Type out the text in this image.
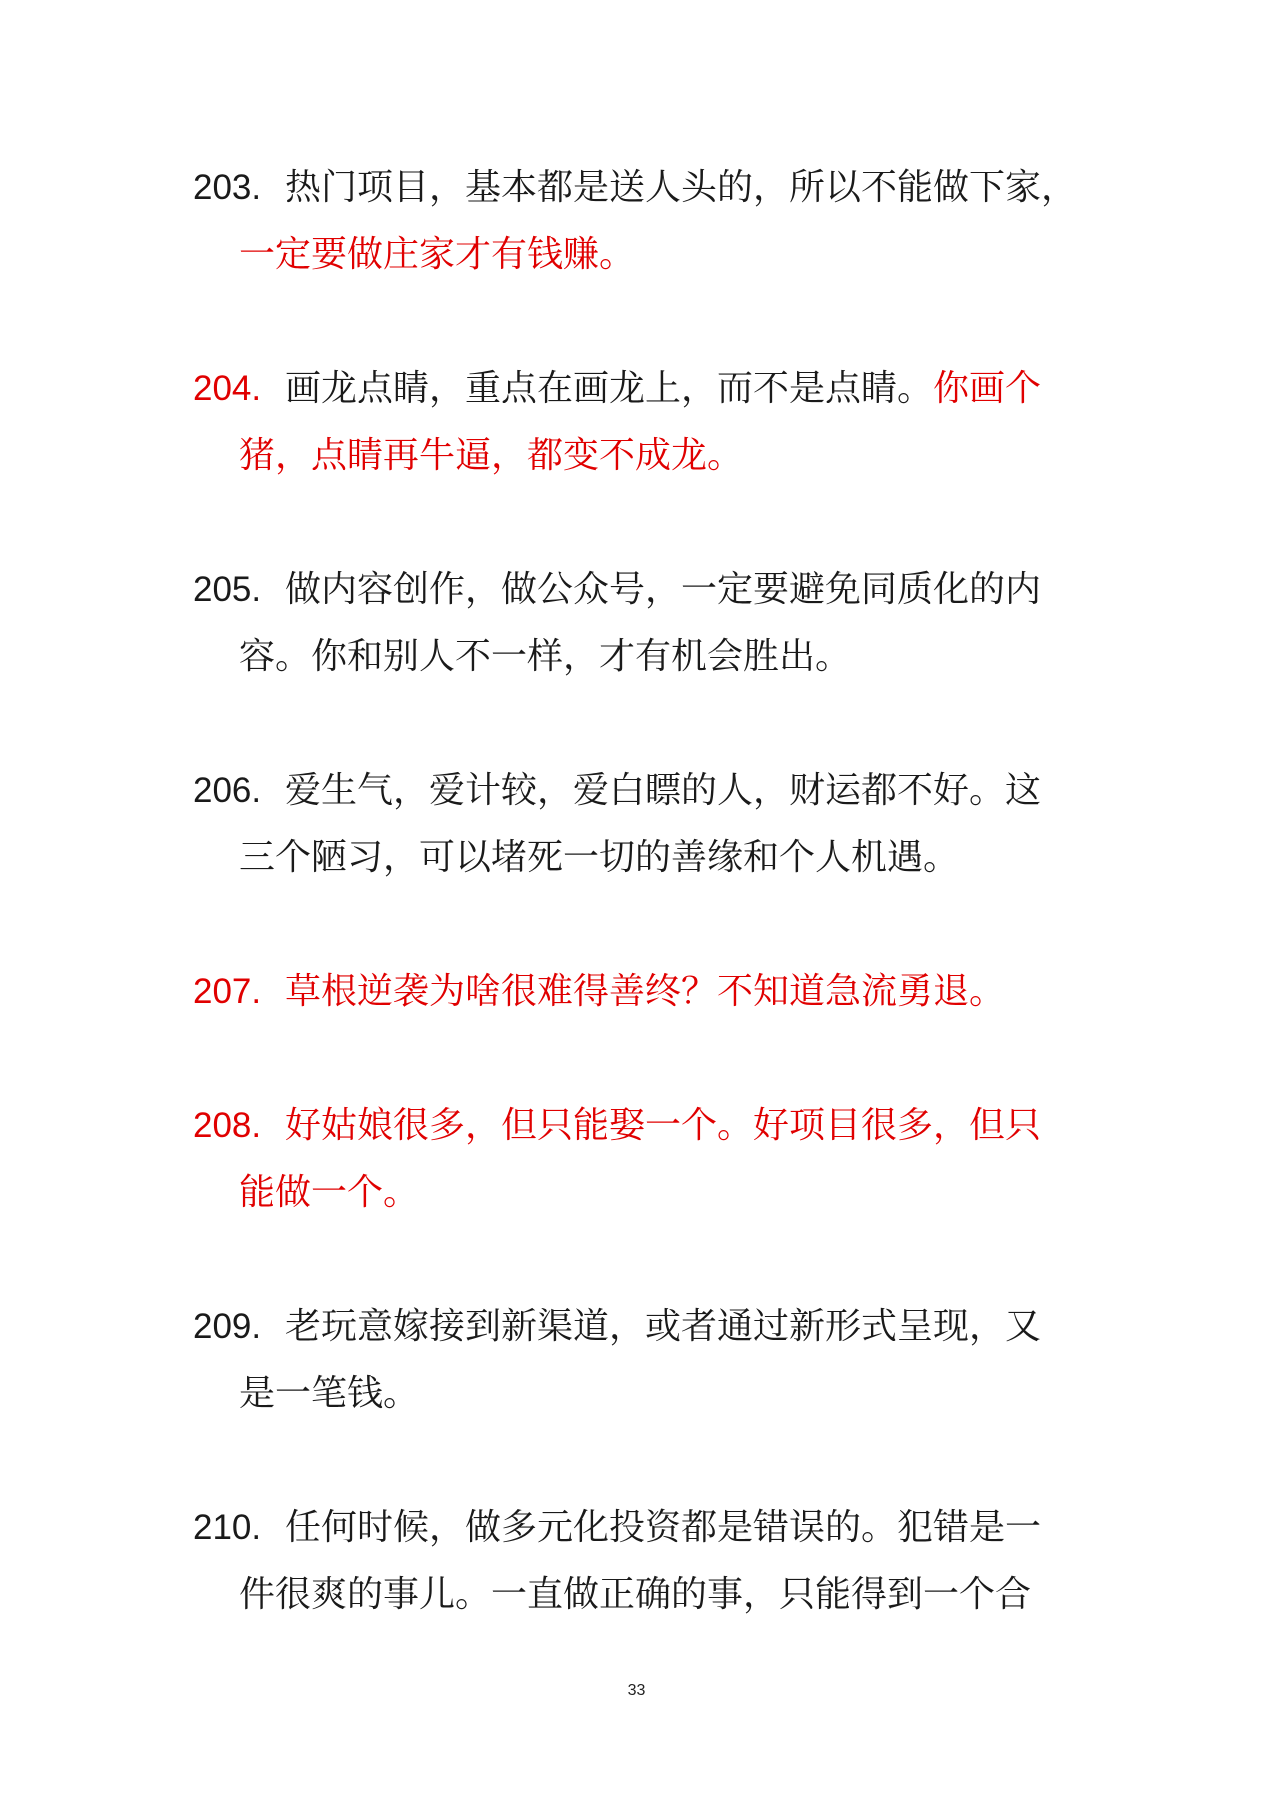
203. 热门项目，基本都是送人头的，所以不能做下家，
一定要做庄家才有钱赚。
204. 画龙点睛，重点在画龙上，而不是点睛。 你画个
猪，点睛再牛逼，都变不成龙。
205. 做内容创作，做公众号，一定要避免同质化的内
容。你和别人不一样，才有机会胜出。
206. 爱生气，爱计较，爱白瞟的人，财运都不好。这
三个陋习，可以堵死一切的善缘和个人机遇。
207. 草根逆袭为啥很难得善终？不知道急流勇退。
208. 好姑娘很多，但只能娶一个。好项目很多，但只
能做一个。
209. 老玩意嫁接到新渠道，或者通过新形式呈现，又
是一笔钱。
210. 任何时候，做多元化投资都是错误的。犯错是一
件很爽的事儿。一直做正确的事，只能得到一个合
33
